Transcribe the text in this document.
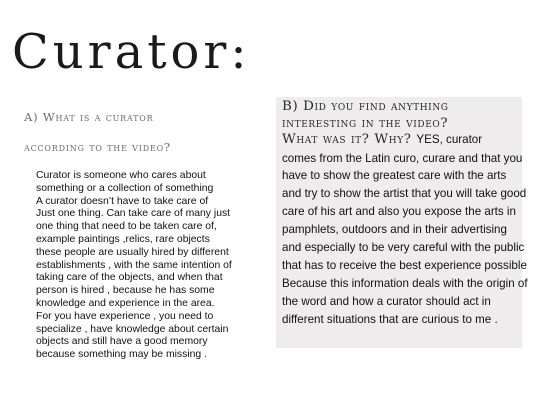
Curator:

A) What is a curator

according to the video?

Curator is someone who cares about
something or a collection of something
A curator doesn’t have to take care of
Just one thing. Can take care of many just
one thing that need to be taken care of,
example paintings ,relics, rare objects
these people are usually hired by different
establishments , with the same intention of
taking care of the objects, and when that
person is hired , because he has some
knowledge and experience in the area.
For you have experience , you need to
specialize , have knowledge about certain
objects and still have a good memory
because something may be missing .
B) Did you find anything
interesting in the video?
What was it? Why? YES, curator
comes from the Latin curo, curare and that you
have to show the greatest care with the arts
and try to show the artist that you will take good
care of his art and also you expose the arts in
pamphlets, outdoors and in their advertising
and especially to be very careful with the public
that has to receive the best experience possible
Because this information deals with the origin of
the word and how a curator should act in
different situations that are curious to me .
